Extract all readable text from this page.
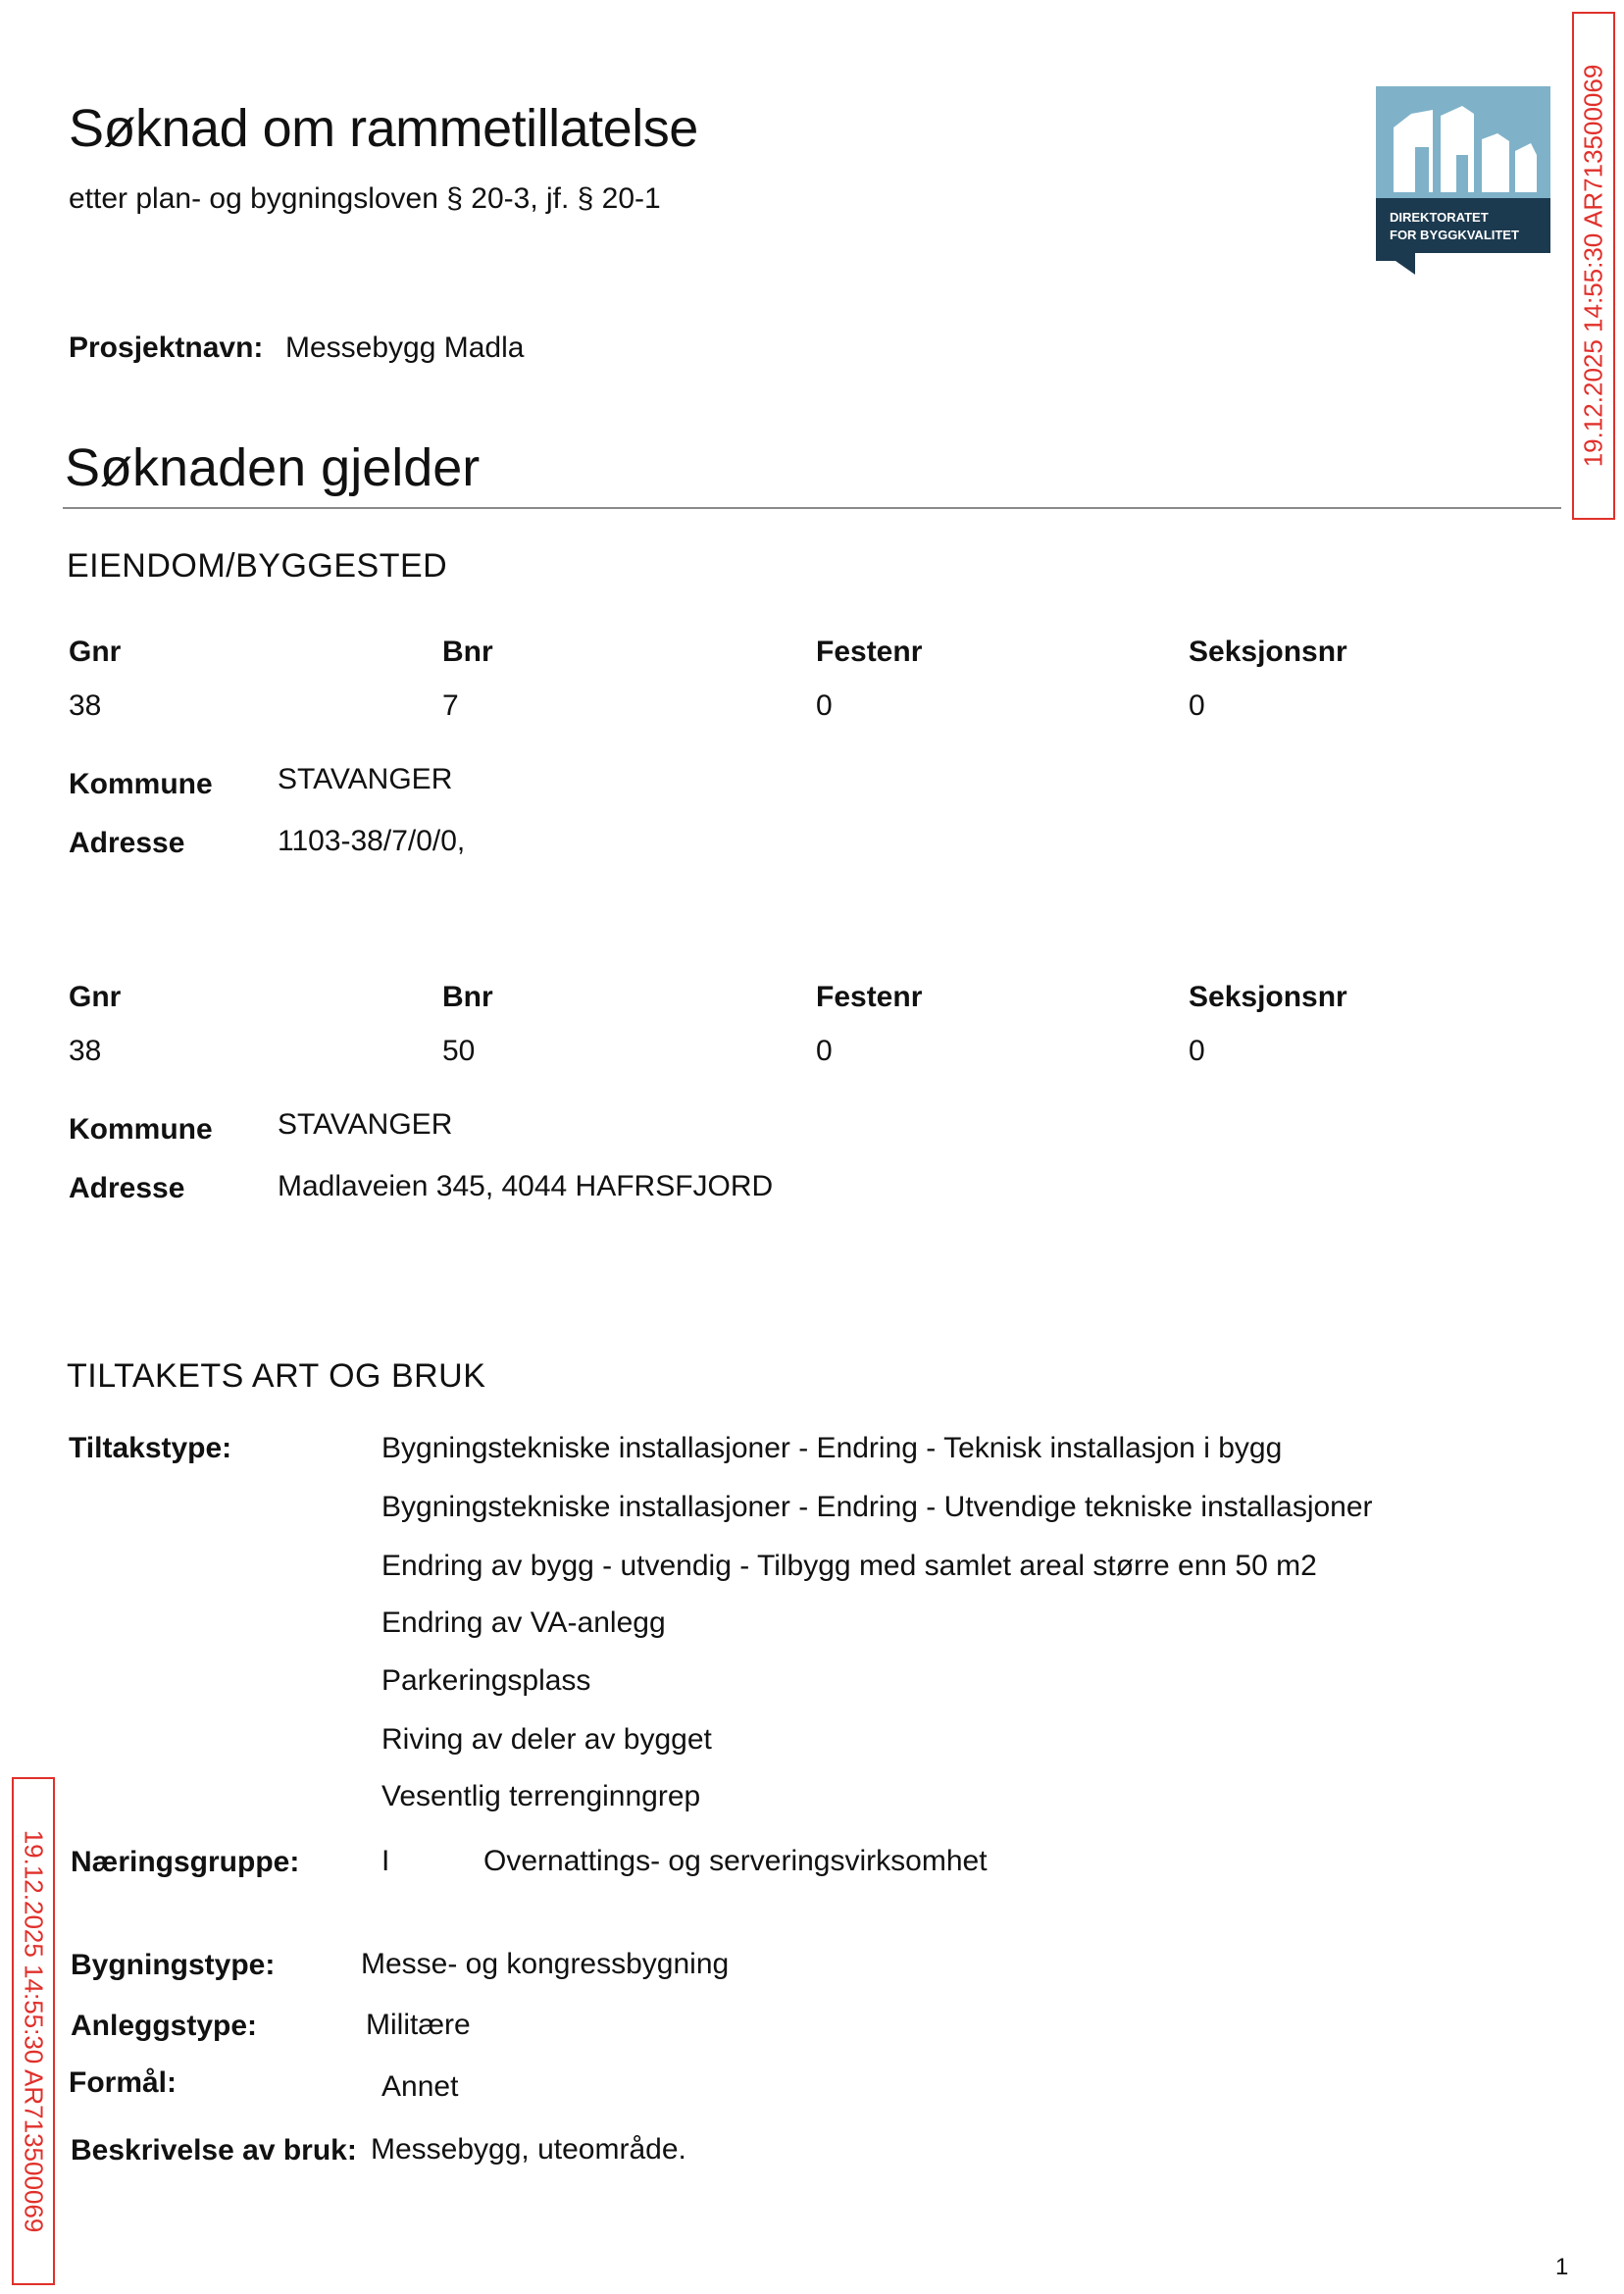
Søknad om rammetillatelse
etter plan- og bygningsloven § 20-3, jf. § 20-1
DIREKTORATET
FOR BYGGKVALITET 19.12.2025 14:55:30 AR713500069
Prosjektnavn: Messebygg Madla
Søknaden gjelder
EIENDOM/BYGGESTED
Gnr	Bnr	Festenr	Seksjonsnr
38	7	0	0
Kommune STAVANGER
Adresse	1103-38/7/0/0,
Gnr	Bnr	Festenr	Seksjonsnr
38	50	0	0
Kommune STAVANGER
Adresse	Madlaveien 345, 4044 HAFRSFJORD
TILTAKETS ART OG BRUK
Tiltakstype:	Bygningstekniske installasjoner - Endring - Teknisk installasjon i bygg
Bygningstekniske installasjoner - Endring - Utvendige tekniske installasjoner
Endring av bygg - utvendig - Tilbygg med samlet areal større enn 50 m2
Endring av VA-anlegg
Parkeringsplass
Riving av deler av bygget
Vesentlig terrenginngrep
Næringsgruppe:	I	Overnattings- og serveringsvirksomhet
Bygningstype:	Messe- og kongressbygning
Anleggstype:	Militære
Formål:	Annet
Beskrivelse av bruk: Messebygg, uteområde.
19.12.2025 14:55:30 AR713500069
1
